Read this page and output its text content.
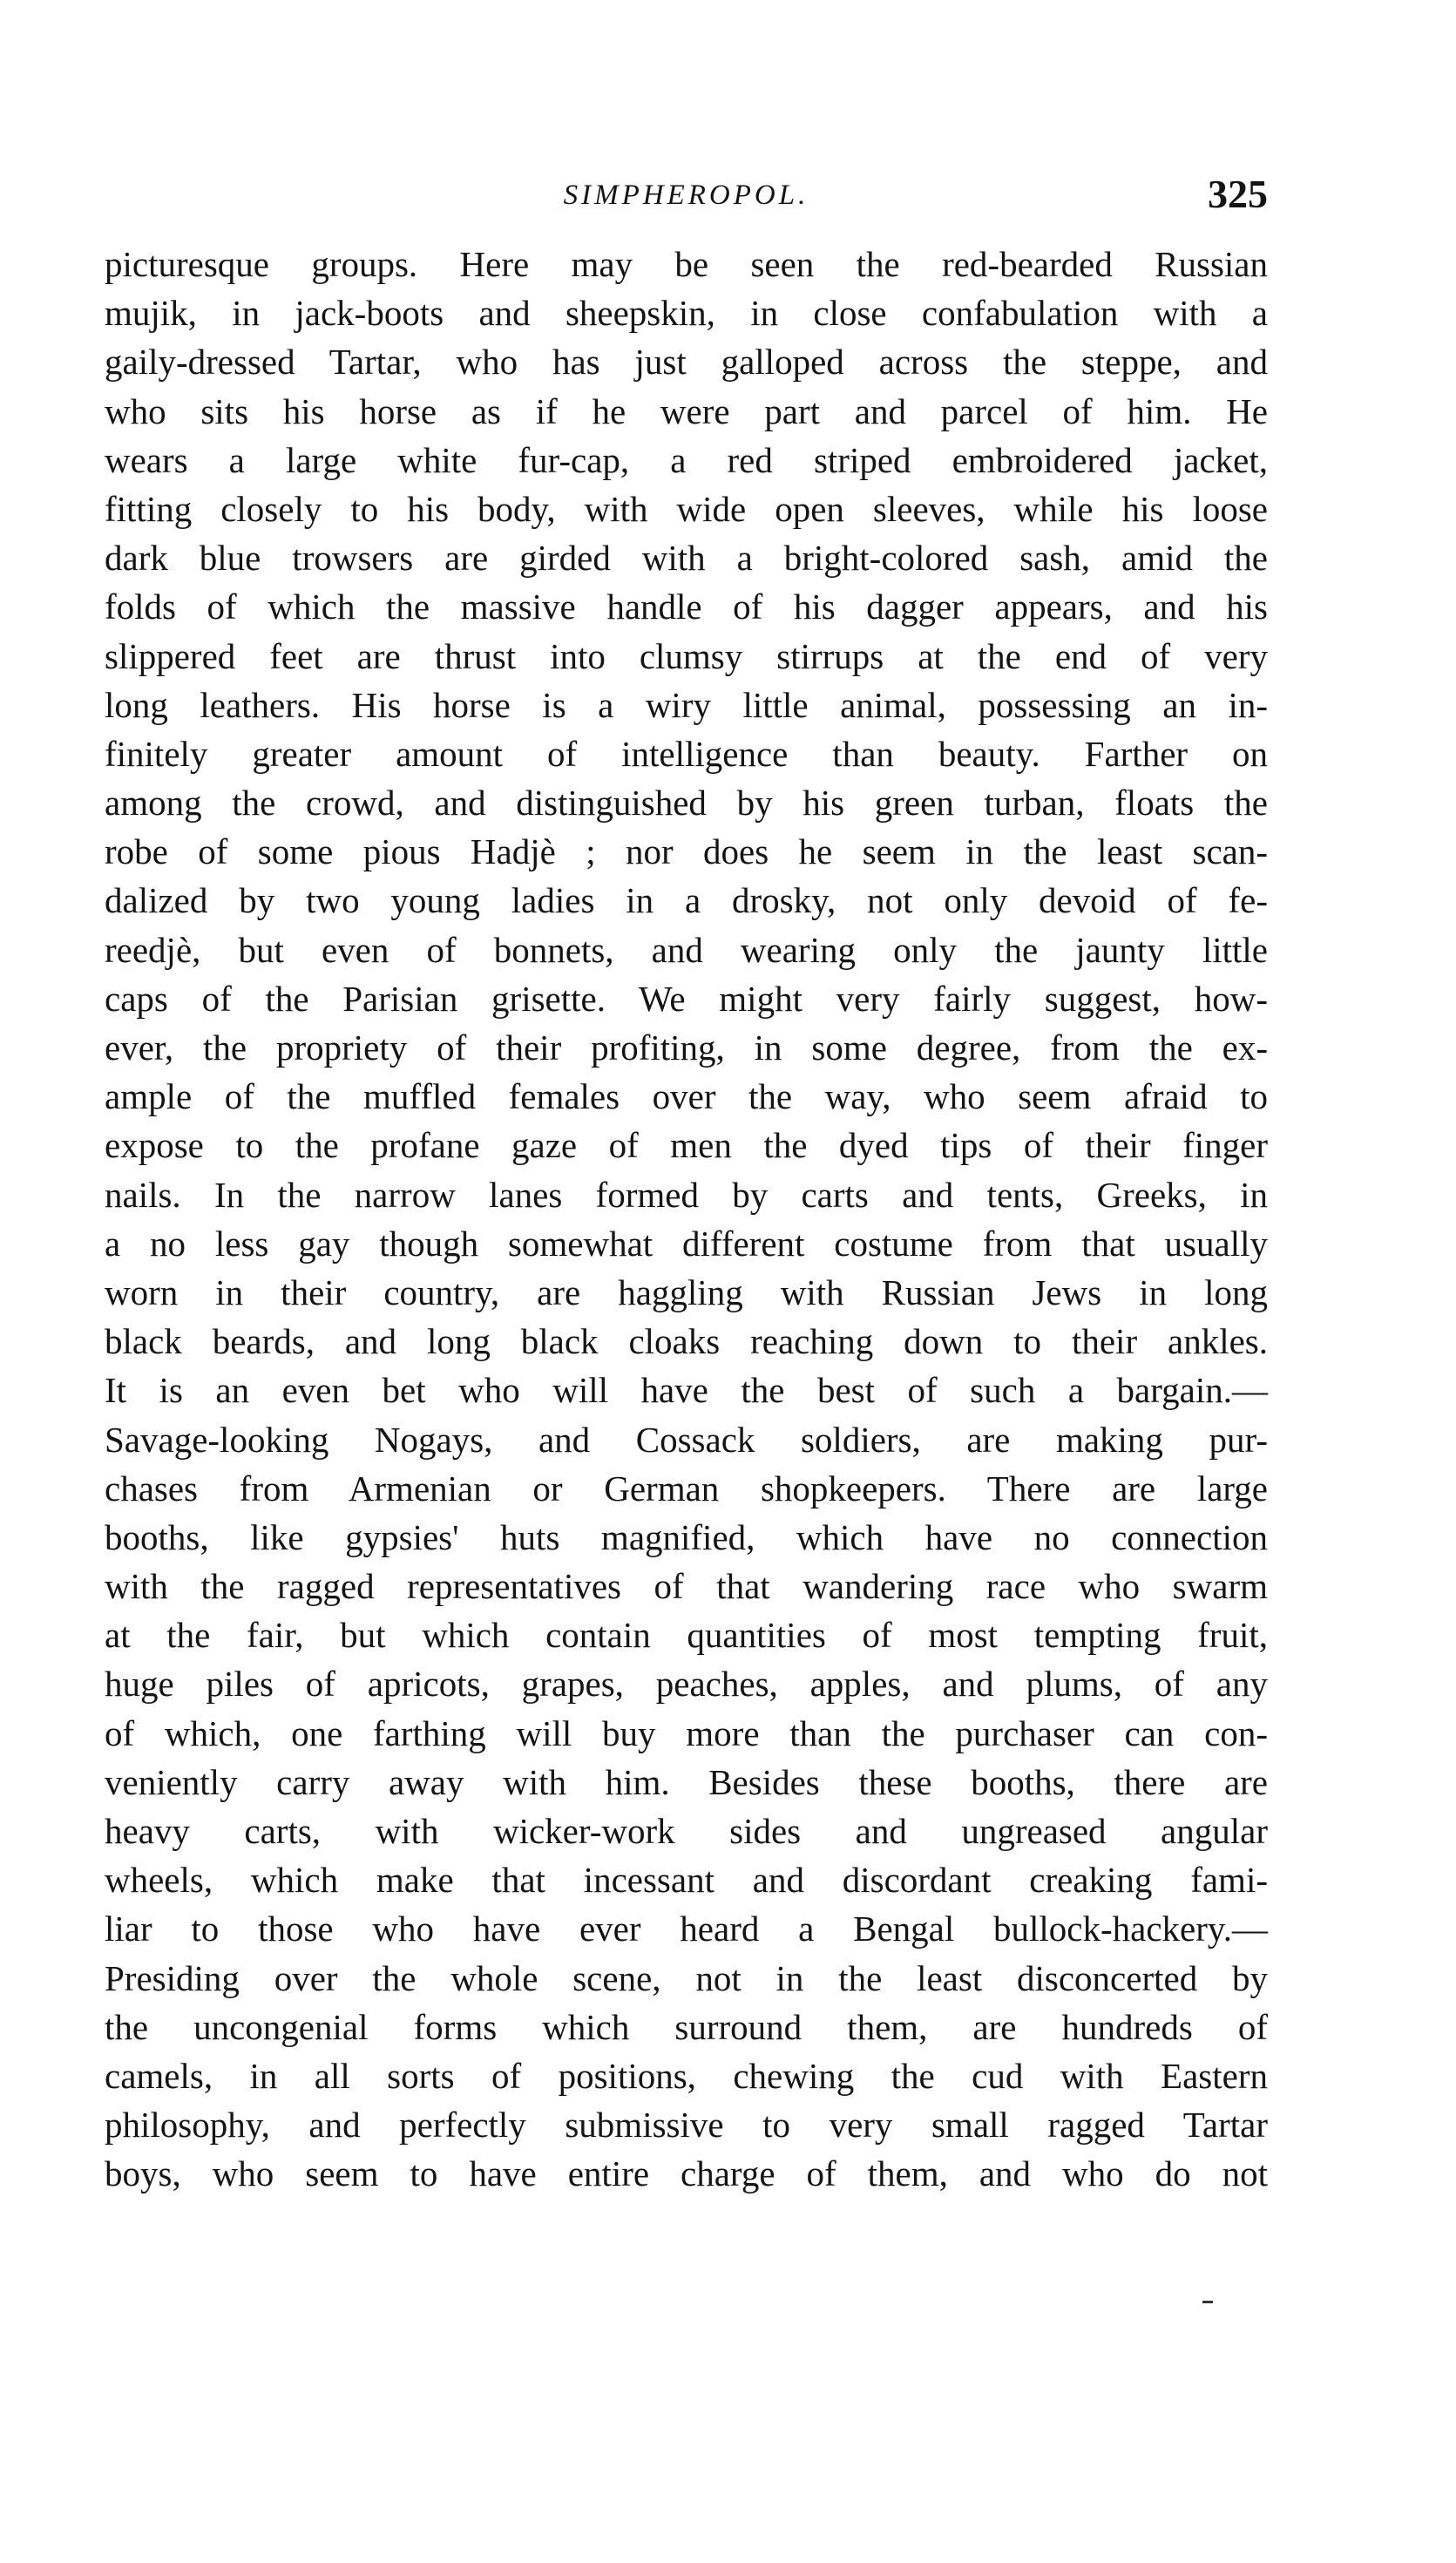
SIMPHEROPOL.	325
picturesque groups. Here may be seen the red-bearded Russian
mujik, in jack-boots and sheepskin, in close confabulation with a
gaily-dressed Tartar, who has just galloped across the steppe, and
who sits his horse as if he were part and parcel of him. He
wears a large white fur-cap, a red striped embroidered jacket,
fitting closely to his body, with wide open sleeves, while his loose
dark blue trowsers are girded with a bright-colored sash, amid the
folds of which the massive handle of his dagger appears, and his
slippered feet are thrust into clumsy stirrups at the end of very
long leathers. His horse is a wiry little animal, possessing an in-
finitely greater amount of intelligence than beauty. Farther on
among the crowd, and distinguished by his green turban, floats the
robe of some pious Hadjè ; nor does he seem in the least scan-
dalized by two young ladies in a drosky, not only devoid of fe-
reedjè, but even of bonnets, and wearing only the jaunty little
caps of the Parisian grisette. We might very fairly suggest, how-
ever, the propriety of their profiting, in some degree, from the ex-
ample of the muffled females over the way, who seem afraid to
expose to the profane gaze of men the dyed tips of their finger
nails. In the narrow lanes formed by carts and tents, Greeks, in
a no less gay though somewhat different costume from that usually
worn in their country, are haggling with Russian Jews in long
black beards, and long black cloaks reaching down to their ankles.
It is an even bet who will have the best of such a bargain.—
Savage-looking Nogays, and Cossack soldiers, are making pur-
chases from Armenian or German shopkeepers. There are large
booths, like gypsies' huts magnified, which have no connection
with the ragged representatives of that wandering race who swarm
at the fair, but which contain quantities of most tempting fruit,
huge piles of apricots, grapes, peaches, apples, and plums, of any
of which, one farthing will buy more than the purchaser can con-
veniently carry away with him. Besides these booths, there are
heavy carts, with wicker-work sides and ungreased angular
wheels, which make that incessant and discordant creaking fami-
liar to those who have ever heard a Bengal bullock-hackery.—
Presiding over the whole scene, not in the least disconcerted by
the uncongenial forms which surround them, are hundreds of
camels, in all sorts of positions, chewing the cud with Eastern
philosophy, and perfectly submissive to very small ragged Tartar
boys, who seem to have entire charge of them, and who do not
